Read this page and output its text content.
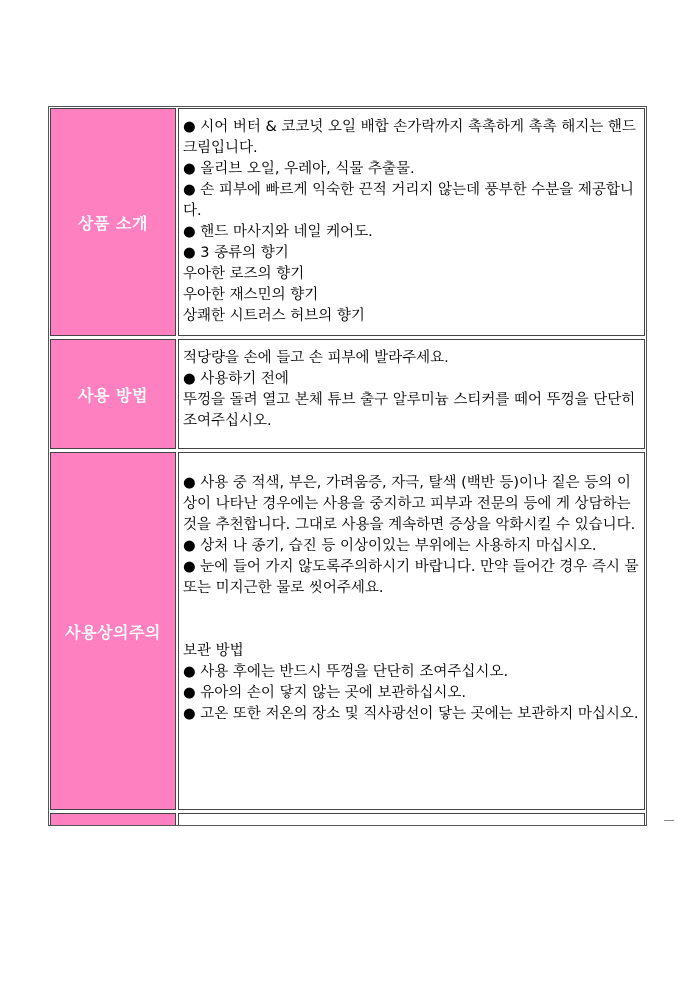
상품 소개
● 시어 버터 & 코코넛 오일 배합 손가락까지 촉촉하게 촉촉 해지는 핸드 크림입니다.
● 올리브 오일, 우레아, 식물 추출물.
● 손 피부에 빠르게 익숙한 끈적 거리지 않는데 풍부한 수분을 제공합니다.
● 핸드 마사지와 네일 케어도.
● 3 종류의 향기
우아한 로즈의 향기
우아한 재스민의 향기
상쾌한 시트러스 허브의 향기
사용 방법
적당량을 손에 들고 손 피부에 발라주세요.
● 사용하기 전에
뚜껑을 돌려 열고 본체 튜브 출구 알루미늄 스티커를 떼어 뚜껑을 단단히 조여주십시오.
사용상의주의
● 사용 중 적색, 부은, 가려움증, 자극, 탈색 (백반 등)이나 짙은 등의 이상이 나타난 경우에는 사용을 중지하고 피부과 전문의 등에 게 상담하는 것을 추천합니다. 그대로 사용을 계속하면 증상을 악화시킬 수 있습니다.
● 상처 나 종기, 습진 등 이상이있는 부위에는 사용하지 마십시오.
● 눈에 들어 가지 않도록주의하시기 바랍니다. 만약 들어간 경우 즉시 물 또는 미지근한 물로 씻어주세요.
보관 방법
● 사용 후에는 반드시 뚜껑을 단단히 조여주십시오.
● 유아의 손이 닿지 않는 곳에 보관하십시오.
● 고온 또한 저온의 장소 및 직사광선이 닿는 곳에는 보관하지 마십시오.
